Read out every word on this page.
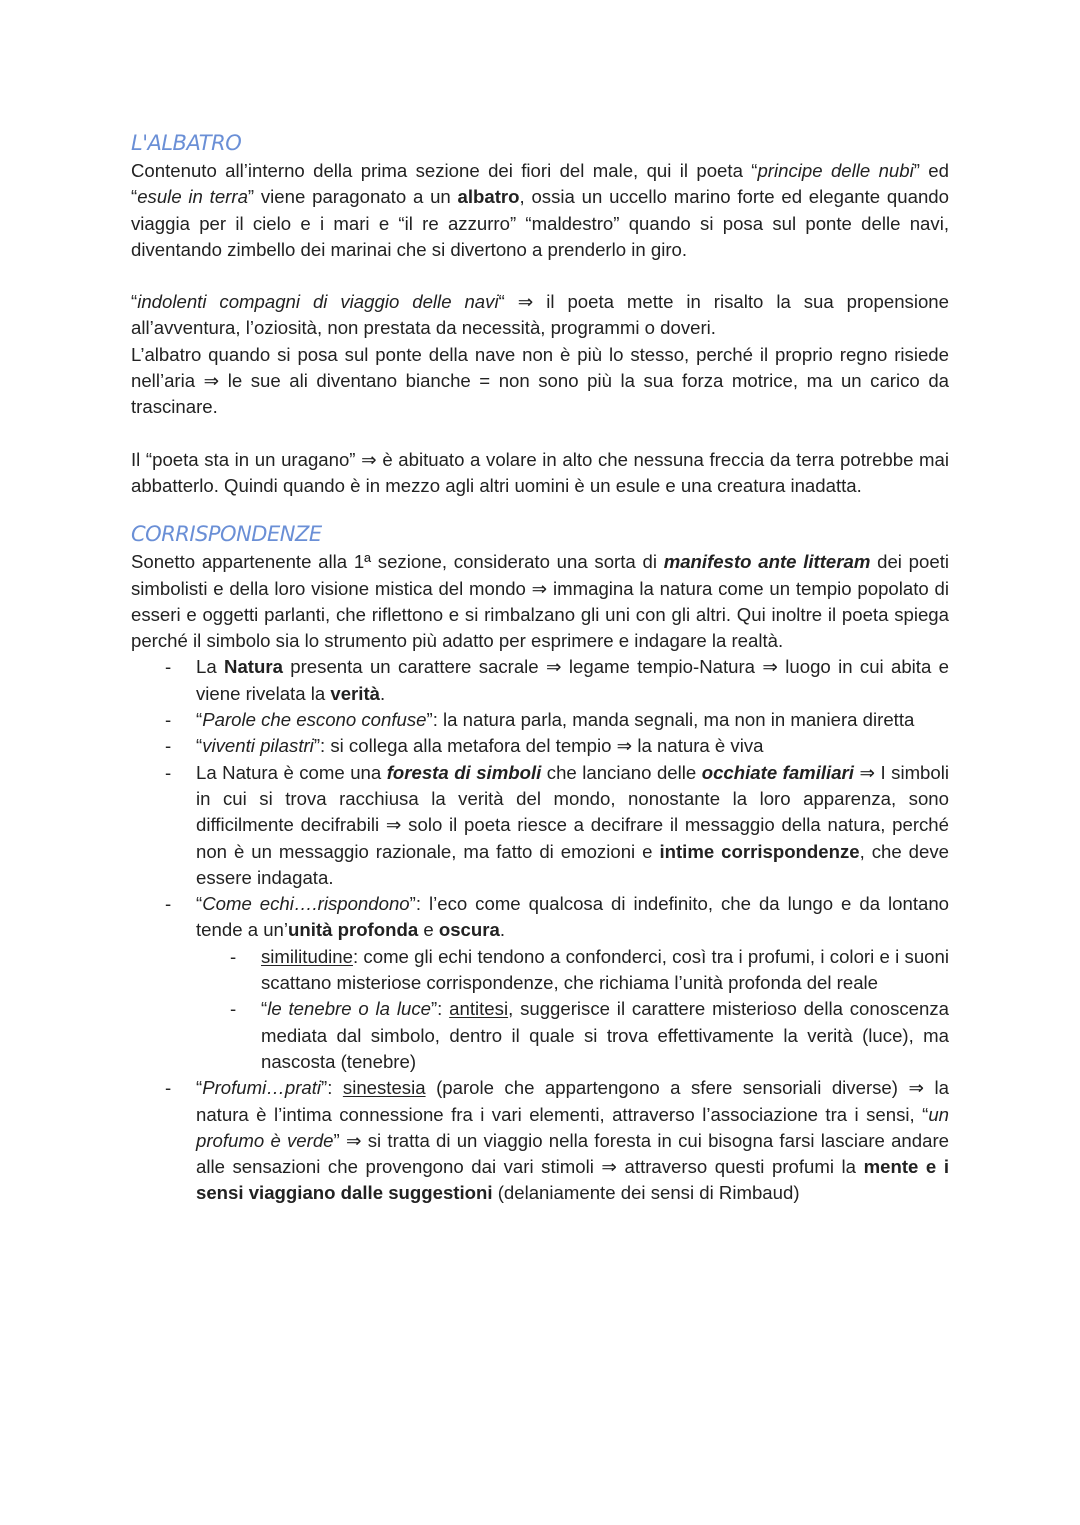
L'ALBATRO

Contenuto all’interno della prima sezione dei fiori del male, qui il poeta “principe delle nubi” ed “esule in terra” viene paragonato a un albatro, ossia un uccello marino forte ed elegante quando viaggia per il cielo e i mari e “il re azzurro” “maldestro” quando si posa sul ponte delle navi, diventando zimbello dei marinai che si divertono a prenderlo in giro.

“indolenti compagni di viaggio delle navi“ ⇒ il poeta mette in risalto la sua propensione all’avventura, l’oziosità, non prestata da necessità, programmi o doveri.

L’albatro quando si posa sul ponte della nave non è più lo stesso, perché il proprio regno risiede nell’aria ⇒ le sue ali diventano bianche = non sono più la sua forza motrice, ma un carico da trascinare.

Il “poeta sta in un uragano” ⇒ è abituato a volare in alto che nessuna freccia da terra potrebbe mai abbatterlo. Quindi quando è in mezzo agli altri uomini è un esule e una creatura inadatta.

CORRISPONDENZE

Sonetto appartenente alla 1ª sezione, considerato una sorta di manifesto ante litteram dei poeti simbolisti e della loro visione mistica del mondo ⇒ immagina la natura come un tempio popolato di esseri e oggetti parlanti, che riflettono e si rimbalzano gli uni con gli altri. Qui inoltre il poeta spiega perché il simbolo sia lo strumento più adatto per esprimere e indagare la realtà.

- La Natura presenta un carattere sacrale ⇒ legame tempio-Natura ⇒ luogo in cui abita e viene rivelata la verità.
- “Parole che escono confuse”: la natura parla, manda segnali, ma non in maniera diretta
- “viventi pilastri”: si collega alla metafora del tempio ⇒ la natura è viva
- La Natura è come una foresta di simboli che lanciano delle occhiate familiari ⇒ I simboli in cui si trova racchiusa la verità del mondo, nonostante la loro apparenza, sono difficilmente decifrabili ⇒ solo il poeta riesce a decifrare il messaggio della natura, perché non è un messaggio razionale, ma fatto di emozioni e intime corrispondenze, che deve essere indagata.
- “Come echi….rispondono”: l’eco come qualcosa di indefinito, che da lungo e da lontano tende a un’unità profonda e oscura.
- similitudine: come gli echi tendono a confonderci, così tra i profumi, i colori e i suoni scattano misteriose corrispondenze, che richiama l’unità profonda del reale
- “le tenebre o la luce”: antitesi, suggerisce il carattere misterioso della conoscenza mediata dal simbolo, dentro il quale si trova effettivamente la verità (luce), ma nascosta (tenebre)
- “Profumi…prati”: sinestesia (parole che appartengono a sfere sensoriali diverse) ⇒ la natura è l’intima connessione fra i vari elementi, attraverso l’associazione tra i sensi, “un profumo è verde” ⇒ si tratta di un viaggio nella foresta in cui bisogna farsi lasciare andare alle sensazioni che provengono dai vari stimoli ⇒ attraverso questi profumi la mente e i sensi viaggiano dalle suggestioni (delaniamente dei sensi di Rimbaud)
